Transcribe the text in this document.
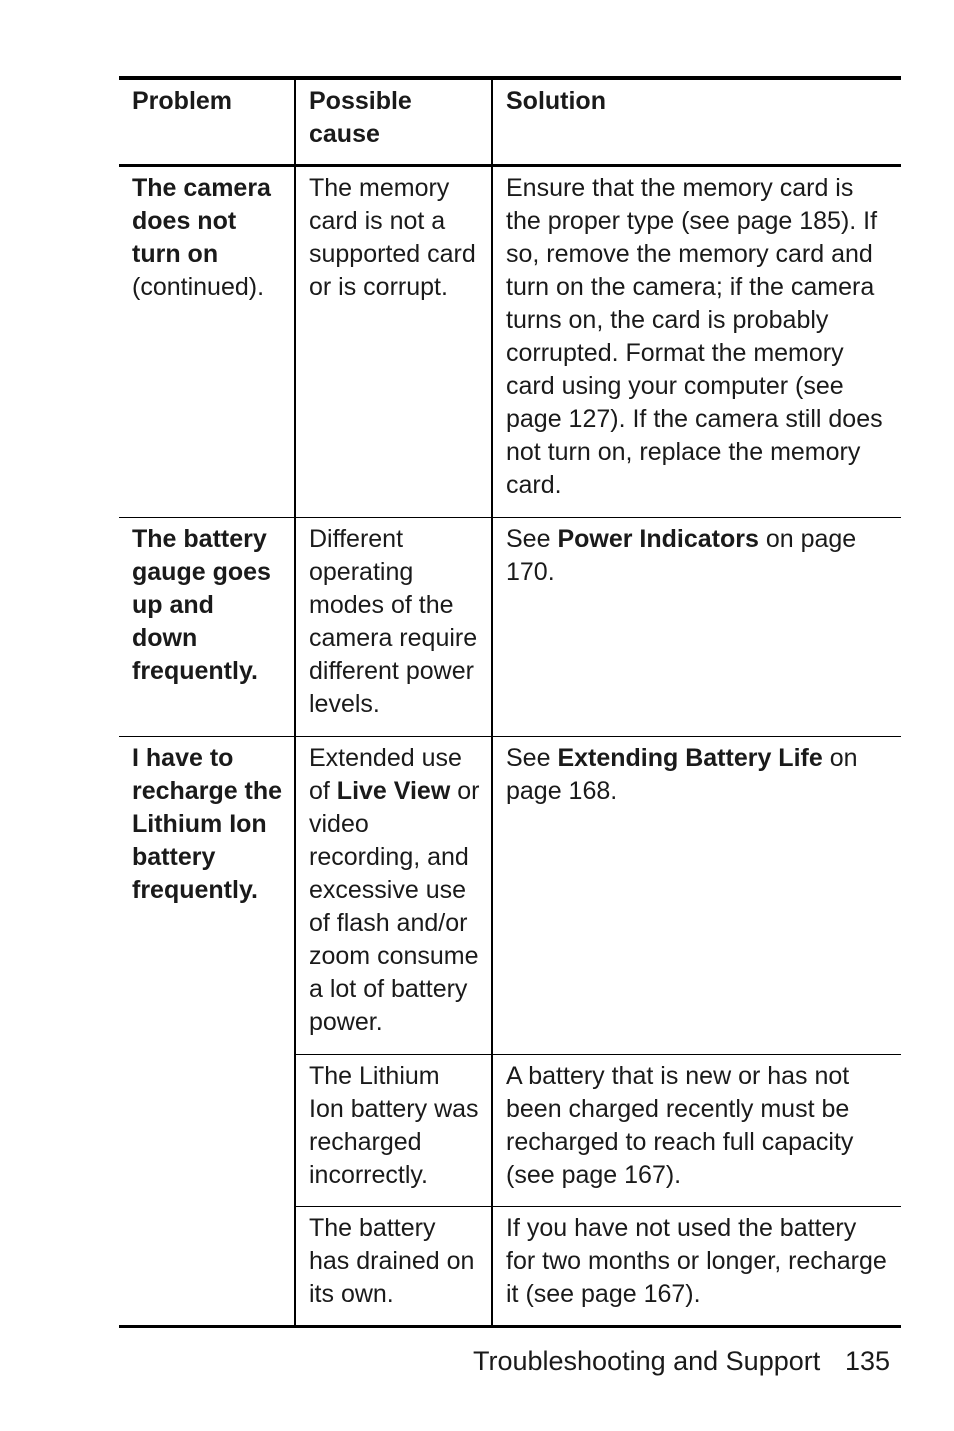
Problem	Possible cause	Solution
The camera does not turn on (continued).	The memory card is not a supported card or is corrupt.	Ensure that the memory card is the proper type (see page 185). If so, remove the memory card and turn on the camera; if the camera turns on, the card is probably corrupted. Format the memory card using your computer (see page 127). If the camera still does not turn on, replace the memory card.
The battery gauge goes up and down frequently.	Different operating modes of the camera require different power levels.	See Power Indicators on page 170.
I have to recharge the Lithium Ion battery frequently.	Extended use of Live View or video recording, and excessive use of flash and/or zoom consume a lot of battery power.	See Extending Battery Life on page 168.
	The Lithium Ion battery was recharged incorrectly.	A battery that is new or has not been charged recently must be recharged to reach full capacity (see page 167).
	The battery has drained on its own.	If you have not used the battery for two months or longer, recharge it (see page 167).
Troubleshooting and Support 135
